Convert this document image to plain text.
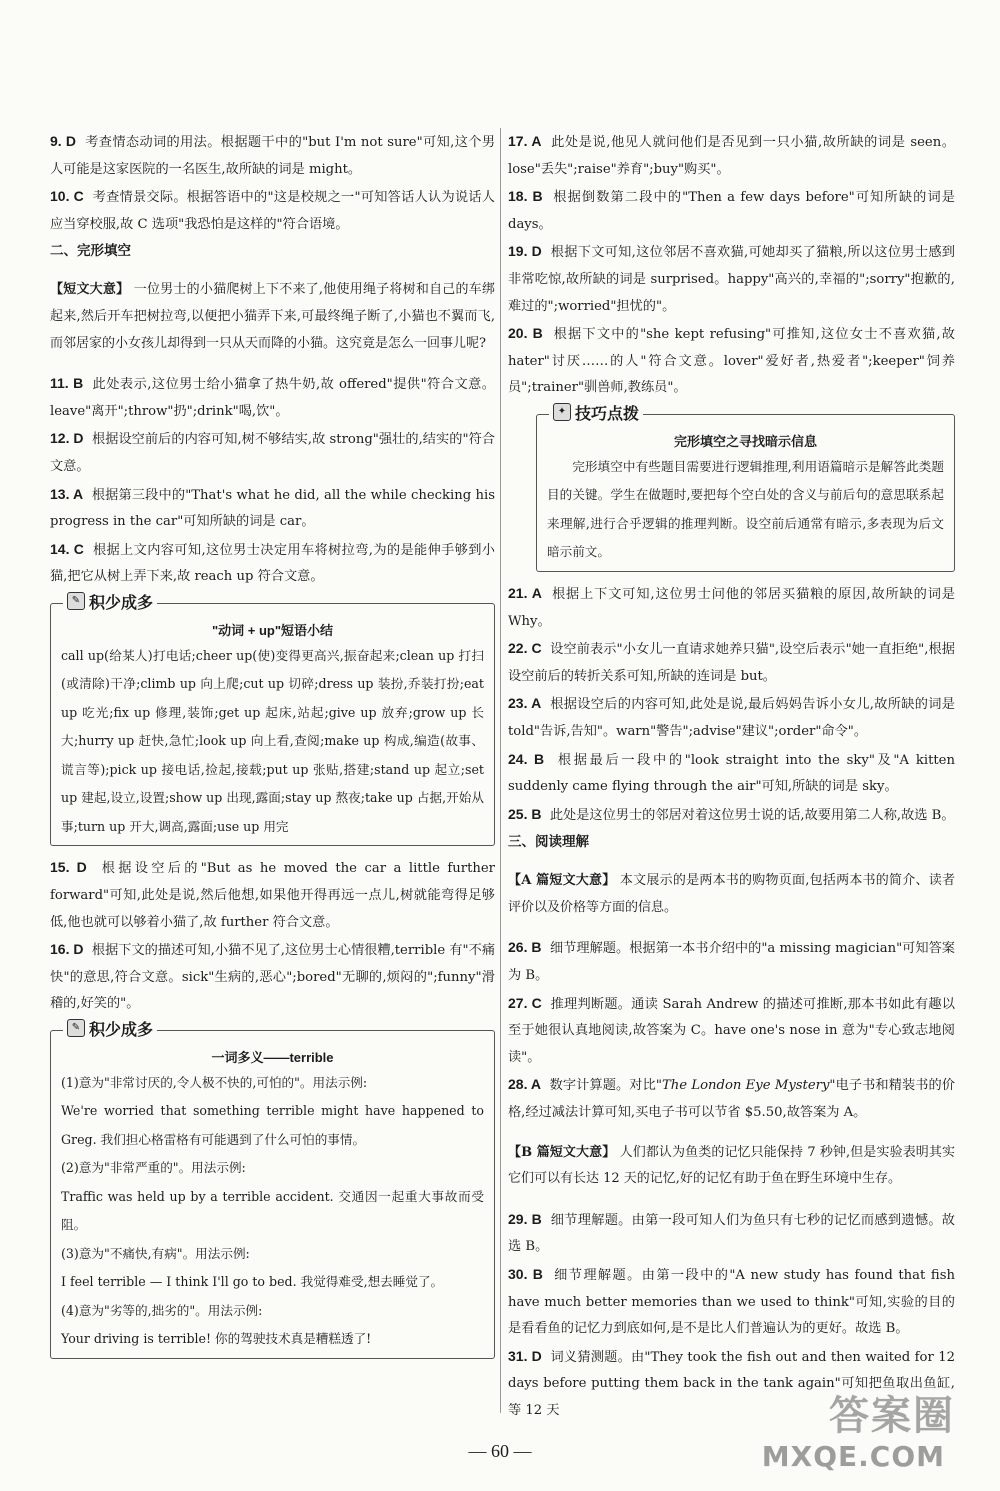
9. D 考查情态动词的用法。根据题干中的"but I'm not sure"可知,这个男人可能是这家医院的一名医生,故所缺的词是 might。

10. C 考查情景交际。根据答语中的"这是校规之一"可知答话人认为说话人应当穿校服,故 C 选项"我恐怕是这样的"符合语境。

二、完形填空

【短文大意】 一位男士的小猫爬树上下不来了,他使用绳子将树和自己的车绑起来,然后开车把树拉弯,以便把小猫弄下来,可最终绳子断了,小猫也不翼而飞,而邻居家的小女孩儿却得到一只从天而降的小猫。这究竟是怎么一回事儿呢?

11. B 此处表示,这位男士给小猫拿了热牛奶,故 offered"提供"符合文意。leave"离开";throw"扔";drink"喝,饮"。

12. D 根据设空前后的内容可知,树不够结实,故 strong"强壮的,结实的"符合文意。

13. A 根据第三段中的"That's what he did, all the while checking his progress in the car"可知所缺的词是 car。

14. C 根据上文内容可知,这位男士决定用车将树拉弯,为的是能伸手够到小猫,把它从树上弄下来,故 reach up 符合文意。

✎ 积少成多
"动词 + up"短语小结

call up(给某人)打电话;cheer up(使)变得更高兴,振奋起来;clean up 打扫(或清除)干净;climb up 向上爬;cut up 切碎;dress up 装扮,乔装打扮;eat up 吃光;fix up 修理,装饰;get up 起床,站起;give up 放弃;grow up 长大;hurry up 赶快,急忙;look up 向上看,查阅;make up 构成,编造(故事、谎言等);pick up 接电话,捡起,接载;put up 张贴,搭建;stand up 起立;set up 建起,设立,设置;show up 出现,露面;stay up 熬夜;take up 占据,开始从事;turn up 开大,调高,露面;use up 用完

15. D 根据设空后的"But as he moved the car a little further forward"可知,此处是说,然后他想,如果他开得再远一点儿,树就能弯得足够低,他也就可以够着小猫了,故 further 符合文意。

16. D 根据下文的描述可知,小猫不见了,这位男士心情很糟,terrible 有"不痛快"的意思,符合文意。sick"生病的,恶心";bored"无聊的,烦闷的";funny"滑稽的,好笑的"。

✎ 积少成多
一词多义——terrible

(1)意为"非常讨厌的,令人极不快的,可怕的"。用法示例:

We're worried that something terrible might have happened to Greg. 我们担心格雷格有可能遇到了什么可怕的事情。

(2)意为"非常严重的"。用法示例:

Traffic was held up by a terrible accident. 交通因一起重大事故而受阻。

(3)意为"不痛快,有病"。用法示例:

I feel terrible — I think I'll go to bed. 我觉得难受,想去睡觉了。

(4)意为"劣等的,拙劣的"。用法示例:

Your driving is terrible! 你的驾驶技术真是糟糕透了!

17. A 此处是说,他见人就问他们是否见到一只小猫,故所缺的词是 seen。lose"丢失";raise"养育";buy"购买"。

18. B 根据倒数第二段中的"Then a few days before"可知所缺的词是 days。

19. D 根据下文可知,这位邻居不喜欢猫,可她却买了猫粮,所以这位男士感到非常吃惊,故所缺的词是 surprised。happy"高兴的,幸福的";sorry"抱歉的,难过的";worried"担忧的"。

20. B 根据下文中的"she kept refusing"可推知,这位女士不喜欢猫,故 hater"讨厌……的人"符合文意。lover"爱好者,热爱者";keeper"饲养员";trainer"驯兽师,教练员"。

✦ 技巧点拨
完形填空之寻找暗示信息

完形填空中有些题目需要进行逻辑推理,利用语篇暗示是解答此类题目的关键。学生在做题时,要把每个空白处的含义与前后句的意思联系起来理解,进行合乎逻辑的推理判断。设空前后通常有暗示,多表现为后文暗示前文。

21. A 根据上下文可知,这位男士问他的邻居买猫粮的原因,故所缺的词是 Why。

22. C 设空前表示"小女儿一直请求她养只猫",设空后表示"她一直拒绝",根据设空前后的转折关系可知,所缺的连词是 but。

23. A 根据设空后的内容可知,此处是说,最后妈妈告诉小女儿,故所缺的词是 told"告诉,告知"。warn"警告";advise"建议";order"命令"。

24. B 根据最后一段中的"look straight into the sky"及"A kitten suddenly came flying through the air"可知,所缺的词是 sky。

25. B 此处是这位男士的邻居对着这位男士说的话,故要用第二人称,故选 B。

三、阅读理解

【A 篇短文大意】 本文展示的是两本书的购物页面,包括两本书的简介、读者评价以及价格等方面的信息。

26. B 细节理解题。根据第一本书介绍中的"a missing magician"可知答案为 B。

27. C 推理判断题。通读 Sarah Andrew 的描述可推断,那本书如此有趣以至于她很认真地阅读,故答案为 C。have one's nose in 意为"专心致志地阅读"。

28. A 数字计算题。对比"The London Eye Mystery"电子书和精装书的价格,经过减法计算可知,买电子书可以节省 $5.50,故答案为 A。

【B 篇短文大意】 人们都认为鱼类的记忆只能保持 7 秒钟,但是实验表明其实它们可以有长达 12 天的记忆,好的记忆有助于鱼在野生环境中生存。

29. B 细节理解题。由第一段可知人们为鱼只有七秒的记忆而感到遗憾。故选 B。

30. B 细节理解题。由第一段中的"A new study has found that fish have much better memories than we used to think"可知,实验的目的是看看鱼的记忆力到底如何,是不是比人们普遍认为的更好。故选 B。

31. D 词义猜测题。由"They took the fish out and then waited for 12 days before putting them back in the tank again"可知把鱼取出鱼缸,等 12 天

— 60 —
答案圈
MXQE.COM
